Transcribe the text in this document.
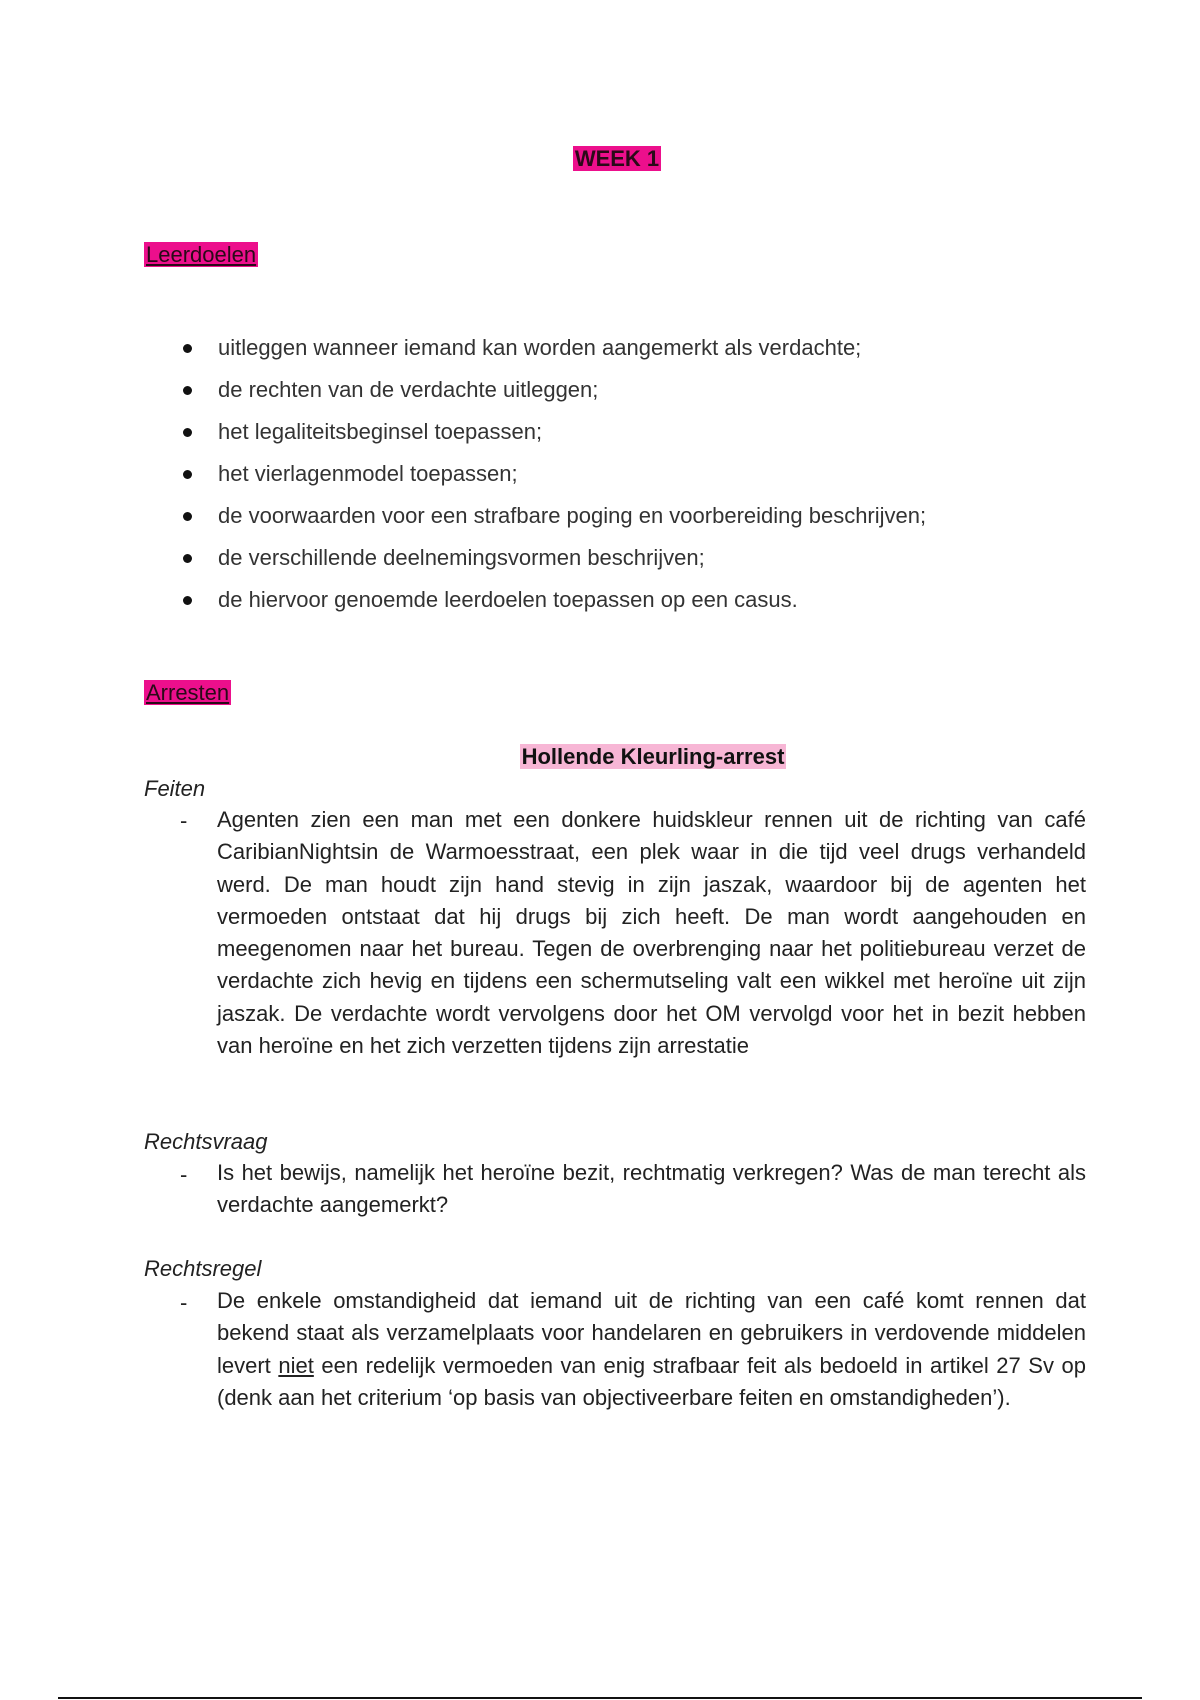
WEEK 1
Leerdoelen
uitleggen wanneer iemand kan worden aangemerkt als verdachte;
de rechten van de verdachte uitleggen;
het legaliteitsbeginsel toepassen;
het vierlagenmodel toepassen;
de voorwaarden voor een strafbare poging en voorbereiding beschrijven;
de verschillende deelnemingsvormen beschrijven;
de hiervoor genoemde leerdoelen toepassen op een casus.
Arresten
Hollende Kleurling-arrest
Feiten
- Agenten zien een man met een donkere huidskleur rennen uit de richting van café CaribianNightsin de Warmoesstraat, een plek waar in die tijd veel drugs verhandeld werd. De man houdt zijn hand stevig in zijn jaszak, waardoor bij de agenten het vermoeden ontstaat dat hij drugs bij zich heeft. De man wordt aangehouden en meegenomen naar het bureau. Tegen de overbrenging naar het politiebureau verzet de verdachte zich hevig en tijdens een schermutseling valt een wikkel met heroïne uit zijn jaszak. De verdachte wordt vervolgens door het OM vervolgd voor het in bezit hebben van heroïne en het zich verzetten tijdens zijn arrestatie
Rechtsvraag
- Is het bewijs, namelijk het heroïne bezit, rechtmatig verkregen? Was de man terecht als verdachte aangemerkt?
Rechtsregel
- De enkele omstandigheid dat iemand uit de richting van een café komt rennen dat bekend staat als verzamelplaats voor handelaren en gebruikers in verdovende middelen levert niet een redelijk vermoeden van enig strafbaar feit als bedoeld in artikel 27 Sv op (denk aan het criterium ‘op basis van objectiveerbare feiten en omstandigheden’).
